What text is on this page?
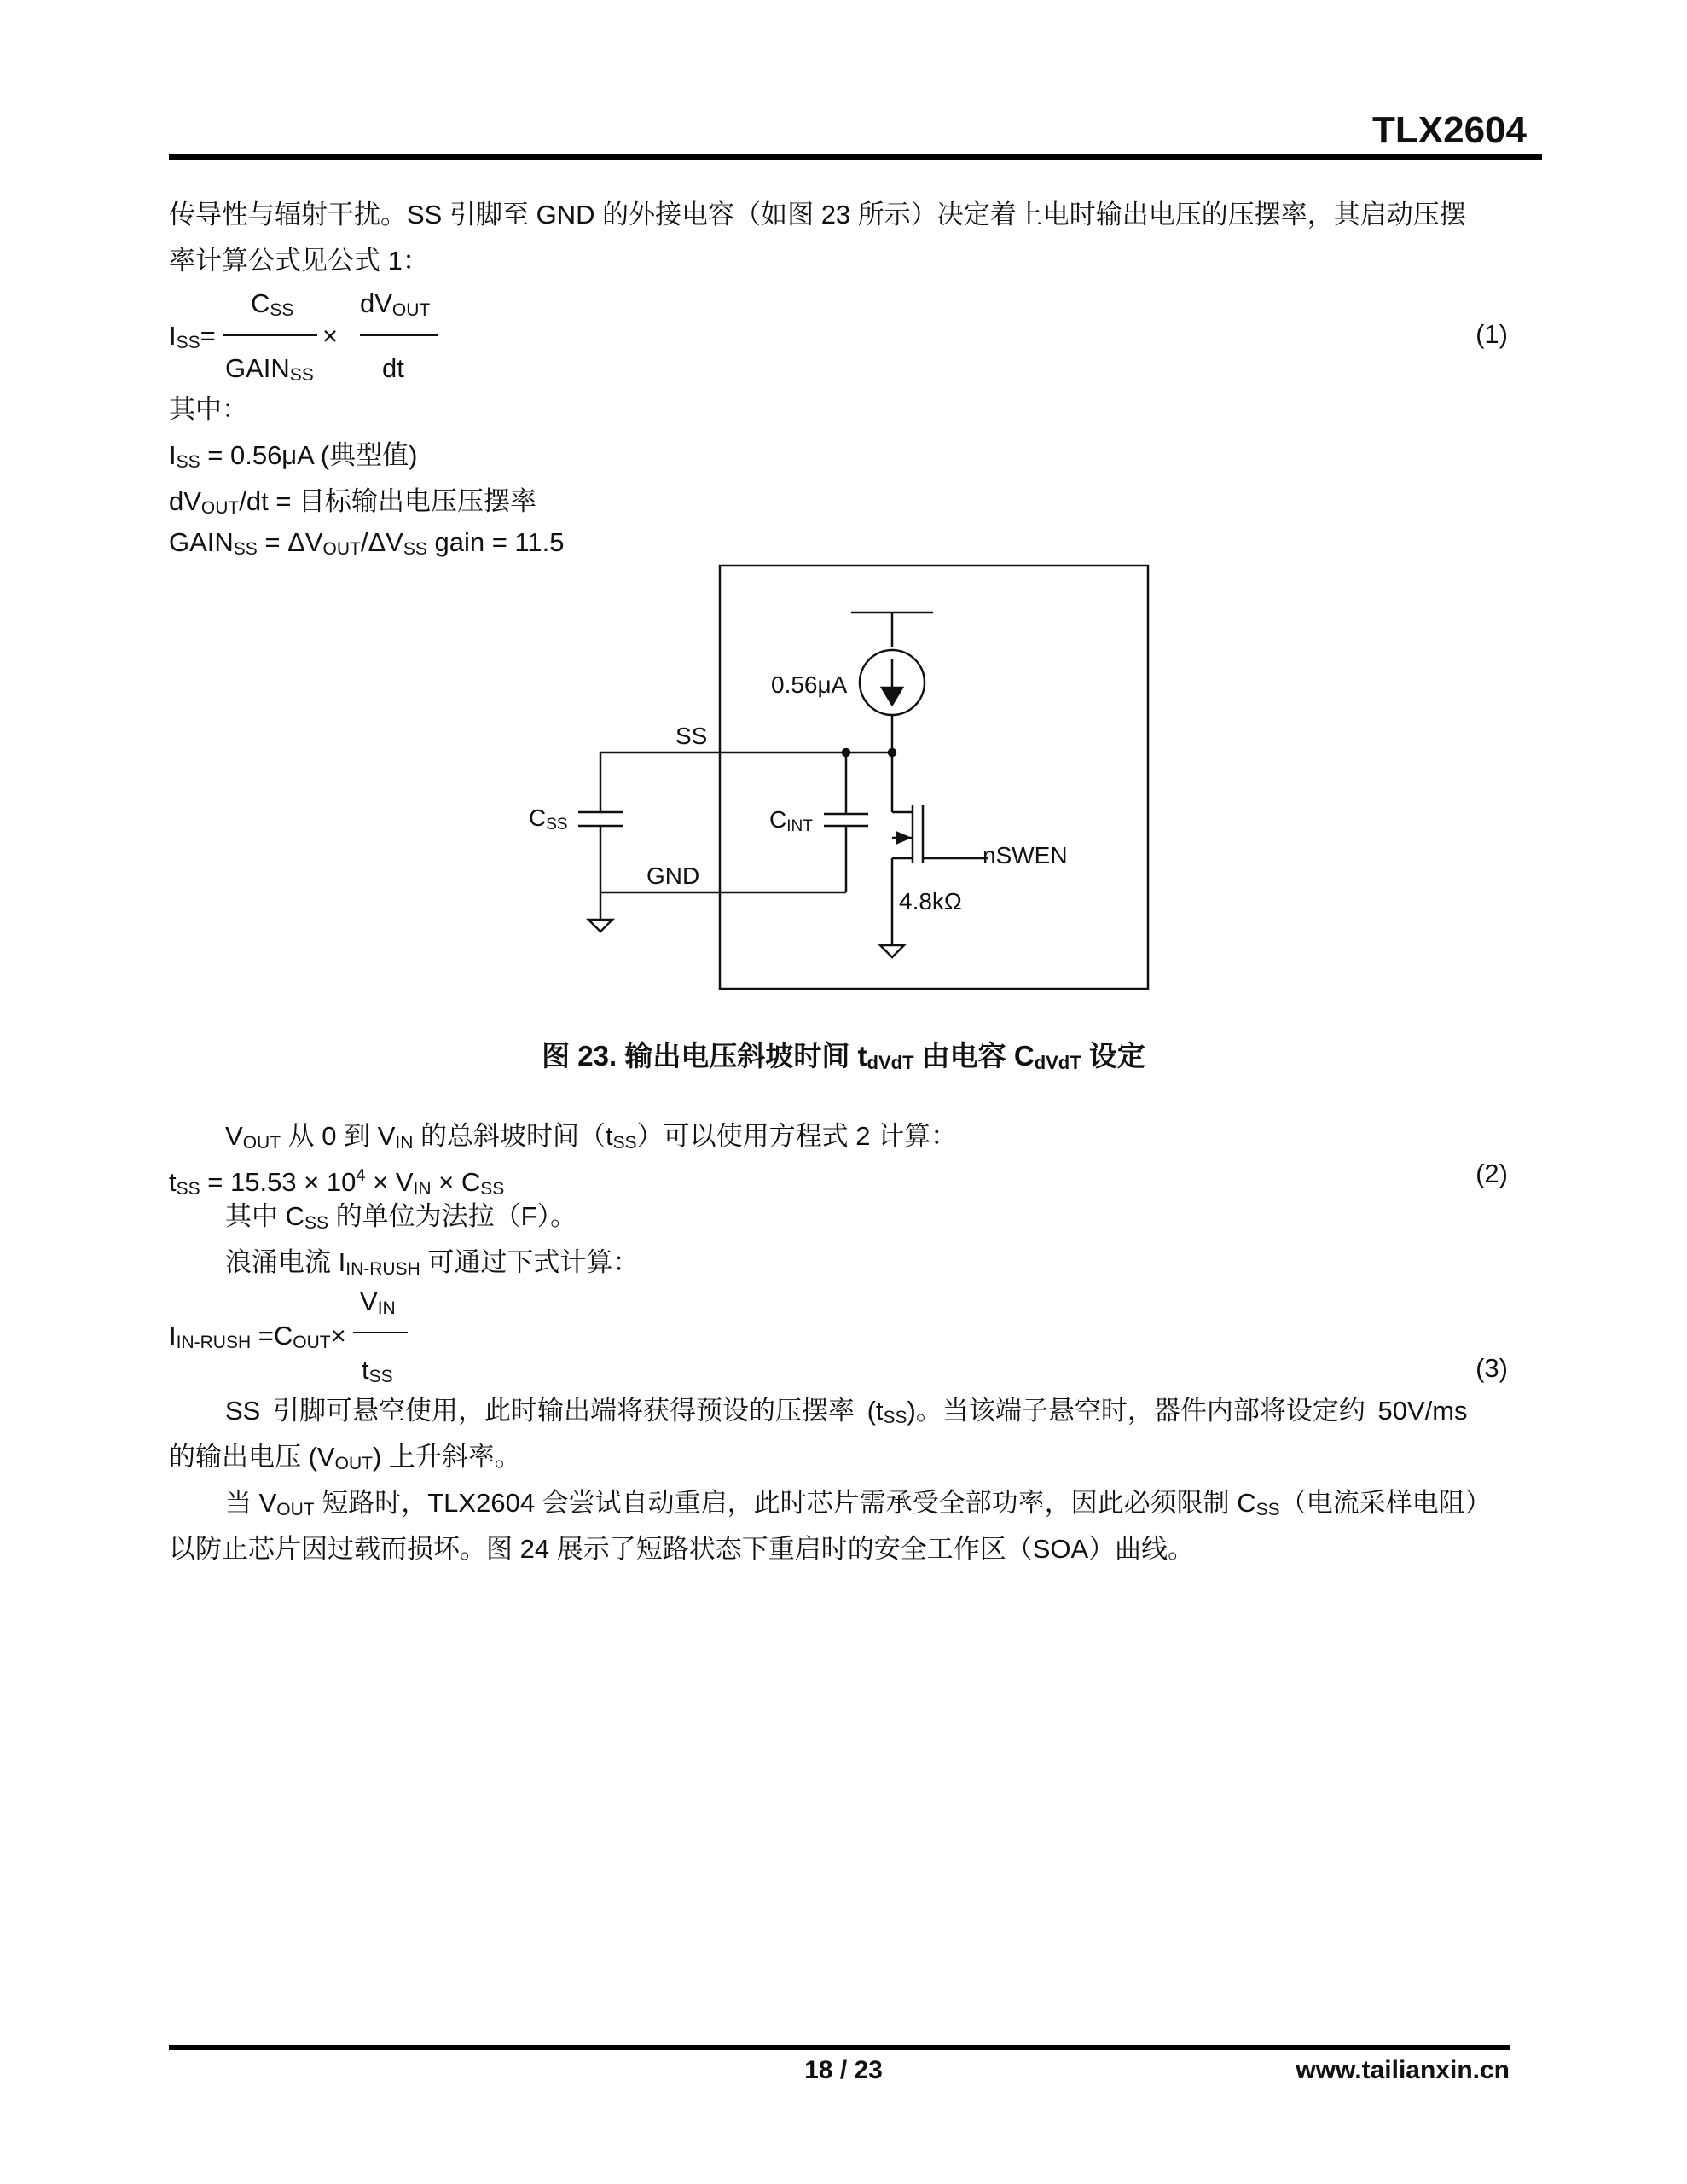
TLX2604
传导性与辐射干扰。SS 引脚至 GND 的外接电容（如图 23 所示）决定着上电时输出电压的压摆率，其启动压摆
率计算公式见公式 1：
$I_{SS}=$
$C_{SS}$
$GAIN_{SS}$
×
$dV_{OUT}$
dt
(1)
其中：
$I_{SS} = 0.56\mu A$ (典型值)
$dV_{OUT}/dt$ = 目标输出电压压摆率
$GAIN_{SS} = \Delta V_{OUT}/\Delta V_{SS}$ gain = 11.5
0.56μA
SS
GND
CSS	CINT
nSWEN
4.8kΩ
图 23. 输出电压斜坡时间 $t_{dVdT}$ 由电容 $C_{dVdT}$ 设定
$V_{OUT}$ 从 0 到 $V_{IN}$ 的总斜坡时间$(t_{SS})$可以使用方程式 2 计算：
$t_{SS} = 15.53 \times 10^4 \times V_{IN} \times C_{SS}$
(2)
其中 $C_{SS}$ 的单位为法拉（F）。
浪涌电流 $I_{IN-RUSH}$ 可通过下式计算：
$V_{IN}$
$I_{IN-RUSH} =C_{OUT}\times$
$t_{SS}$	(3)
SS 引脚可悬空使用，此时输出端将获得预设的压摆率 $(t_{SS})$。当该端子悬空时，器件内部将设定约 50V/ms
的输出电压 $(V_{OUT})$ 上升斜率。
当 $V_{OUT}$ 短路时，TLX2604 会尝试自动重启，此时芯片需承受全部功率，因此必须限制 $C_{SS}$（电流采样电阻）
以防止芯片因过载而损坏。图 24 展示了短路状态下重启时的安全工作区（SOA）曲线。
18 / 23	www.tailianxin.cn
